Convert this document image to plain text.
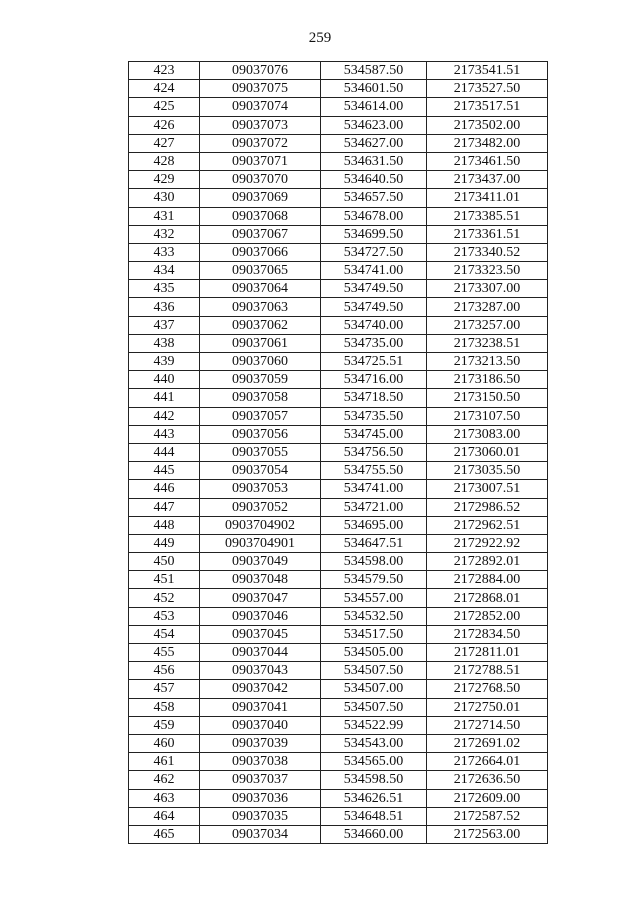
259
423	09037076	534587.50	2173541.51
424	09037075	534601.50	2173527.50
425	09037074	534614.00	2173517.51
426	09037073	534623.00	2173502.00
427	09037072	534627.00	2173482.00
428	09037071	534631.50	2173461.50
429	09037070	534640.50	2173437.00
430	09037069	534657.50	2173411.01
431	09037068	534678.00	2173385.51
432	09037067	534699.50	2173361.51
433	09037066	534727.50	2173340.52
434	09037065	534741.00	2173323.50
435	09037064	534749.50	2173307.00
436	09037063	534749.50	2173287.00
437	09037062	534740.00	2173257.00
438	09037061	534735.00	2173238.51
439	09037060	534725.51	2173213.50
440	09037059	534716.00	2173186.50
441	09037058	534718.50	2173150.50
442	09037057	534735.50	2173107.50
443	09037056	534745.00	2173083.00
444	09037055	534756.50	2173060.01
445	09037054	534755.50	2173035.50
446	09037053	534741.00	2173007.51
447	09037052	534721.00	2172986.52
448	0903704902	534695.00	2172962.51
449	0903704901	534647.51	2172922.92
450	09037049	534598.00	2172892.01
451	09037048	534579.50	2172884.00
452	09037047	534557.00	2172868.01
453	09037046	534532.50	2172852.00
454	09037045	534517.50	2172834.50
455	09037044	534505.00	2172811.01
456	09037043	534507.50	2172788.51
457	09037042	534507.00	2172768.50
458	09037041	534507.50	2172750.01
459	09037040	534522.99	2172714.50
460	09037039	534543.00	2172691.02
461	09037038	534565.00	2172664.01
462	09037037	534598.50	2172636.50
463	09037036	534626.51	2172609.00
464	09037035	534648.51	2172587.52
465	09037034	534660.00	2172563.00
